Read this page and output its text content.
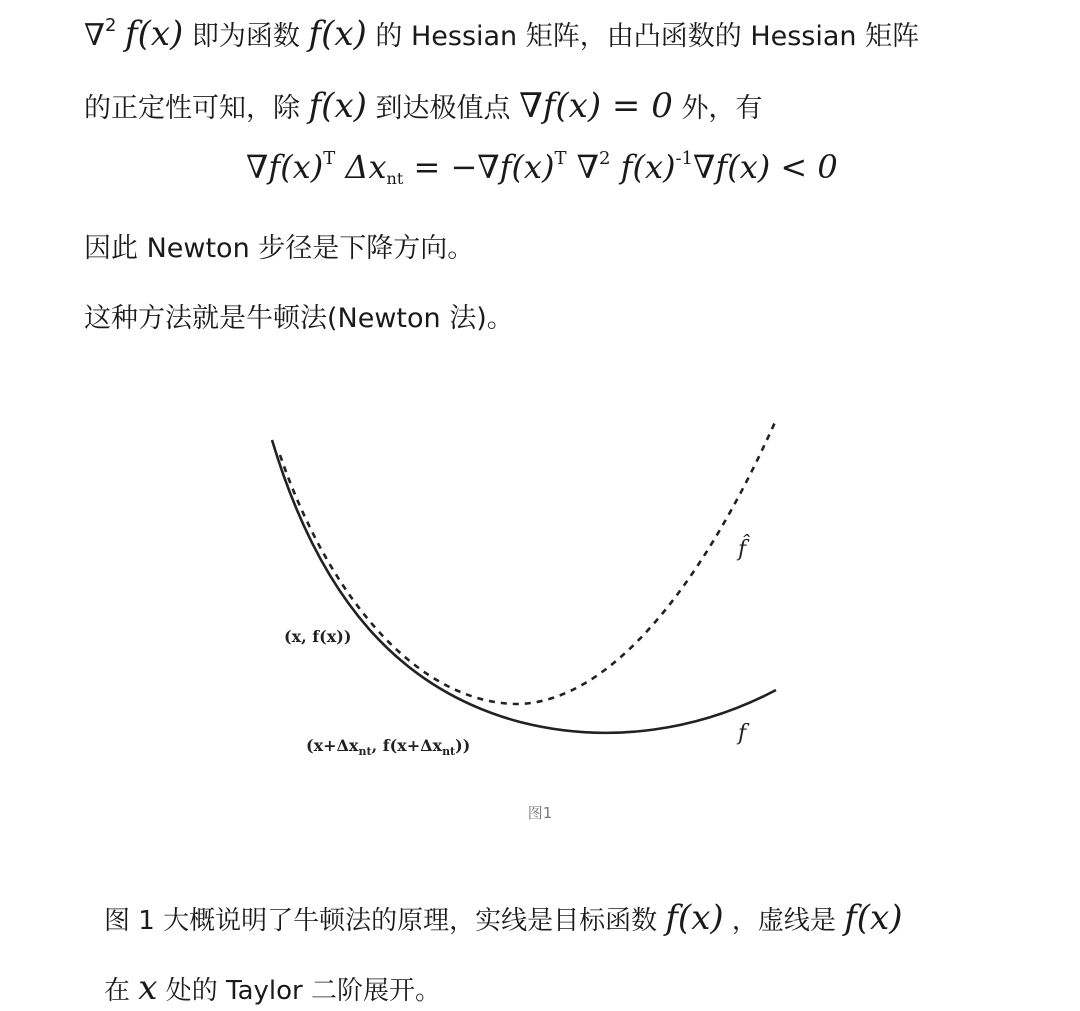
∇$^2$ f(x) 即为函数 f(x) 的 Hessian 矩阵，由凸函数的 Hessian 矩阵
的正定性可知，除 f(x) 到达极值点 ∇f(x) = 0 外，有
$\nabla f(x)^T$ $\Delta x_{nt} = -\nabla f(x)^T$ ∇$^2$ $f(x)^{-1}\nabla f(x) < 0$
因此 Newton 步径是下降方向。
这种方法就是牛顿法(Newton 法)。
(x, f(x))
($x+\Delta x_{nt}$, $f(x+\Delta x_{nt})$)
f̂
f
图1
图 1 大概说明了牛顿法的原理，实线是目标函数 f(x) ，虚线是 f(x)
在 x 处的 Taylor 二阶展开。
